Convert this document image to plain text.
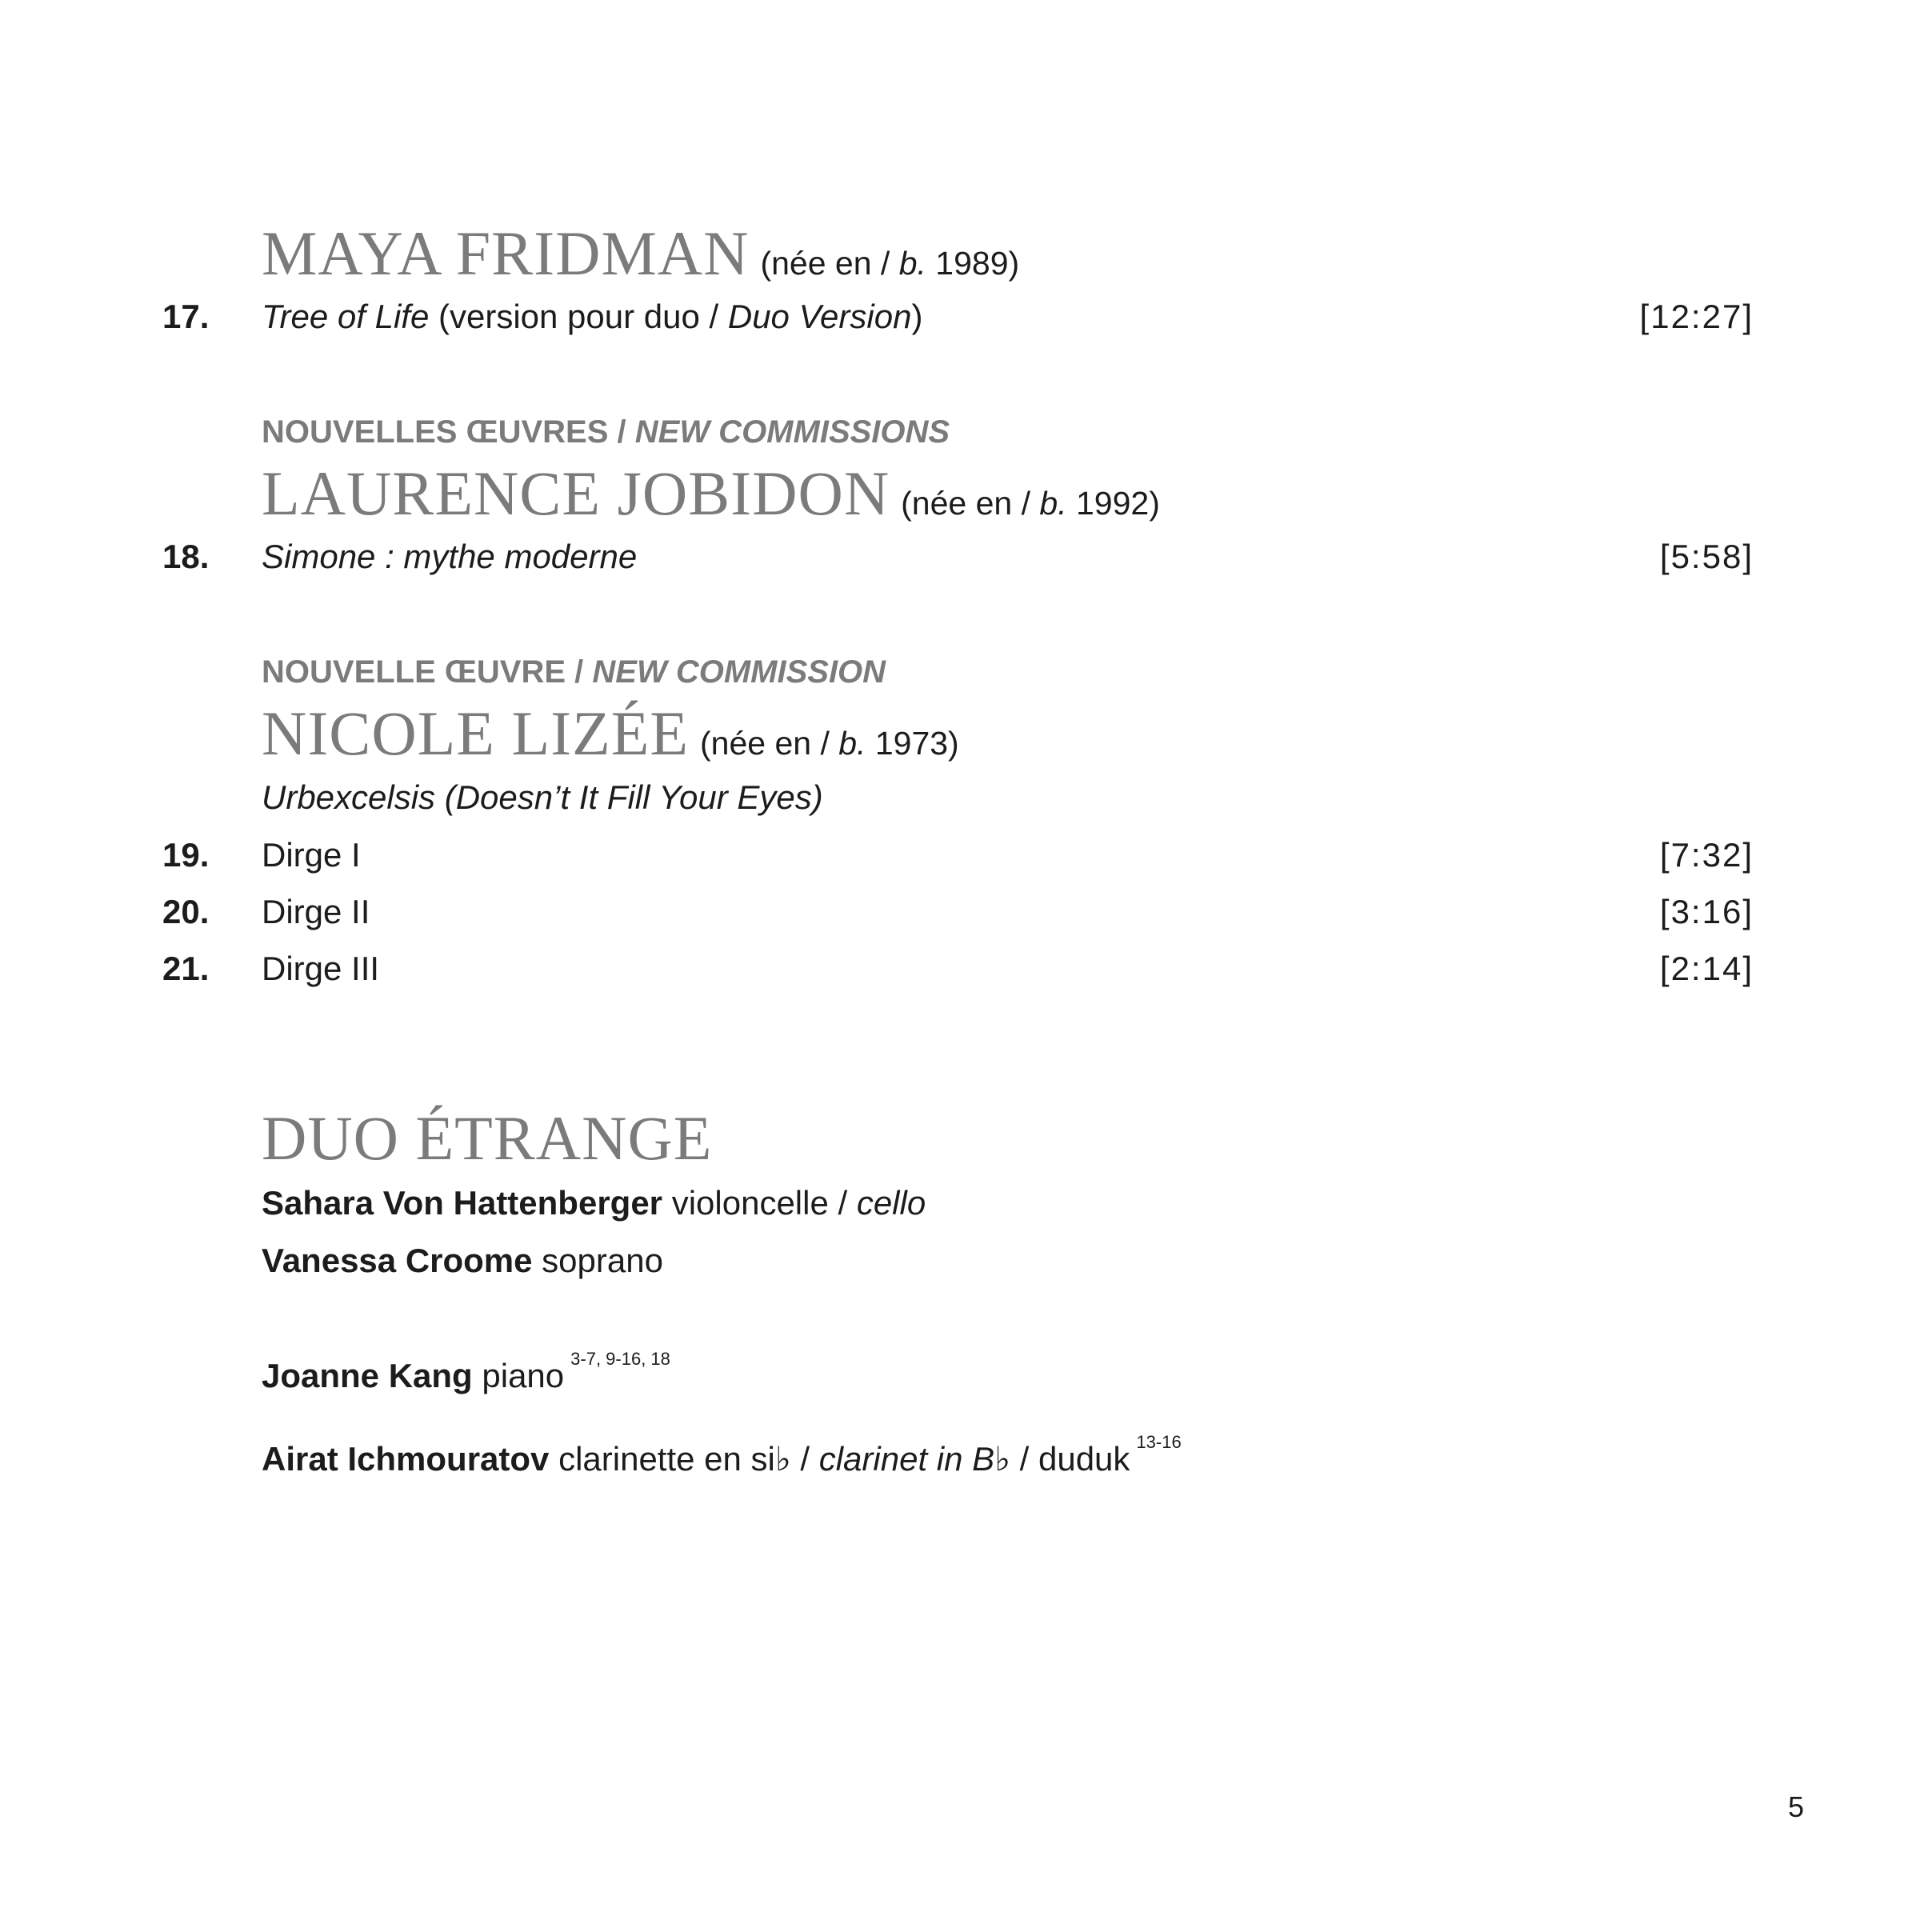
MAYA FRIDMAN (née en / b. 1989)
17. Tree of Life (version pour duo / Duo Version)	[12:27]
NOUVELLES ŒUVRES / NEW COMMISSIONS
LAURENCE JOBIDON (née en / b. 1992)
18. Simone : mythe moderne	[5:58]
NOUVELLE ŒUVRE / NEW COMMISSION
NICOLE LIZÉE (née en / b. 1973)
Urbexcelsis (Doesn’t It Fill Your Eyes)
19. Dirge I	[7:32]
20. Dirge II	[3:16]
21. Dirge III	[2:14]
DUO ÉTRANGE
Sahara Von Hattenberger violoncelle / cello
Vanessa Croome soprano
Joanne Kang piano $^{3-7, 9-16, 18}$
Airat Ichmouratov clarinette en si♭ / clarinet in B♭ / duduk $^{13-16}$
5
